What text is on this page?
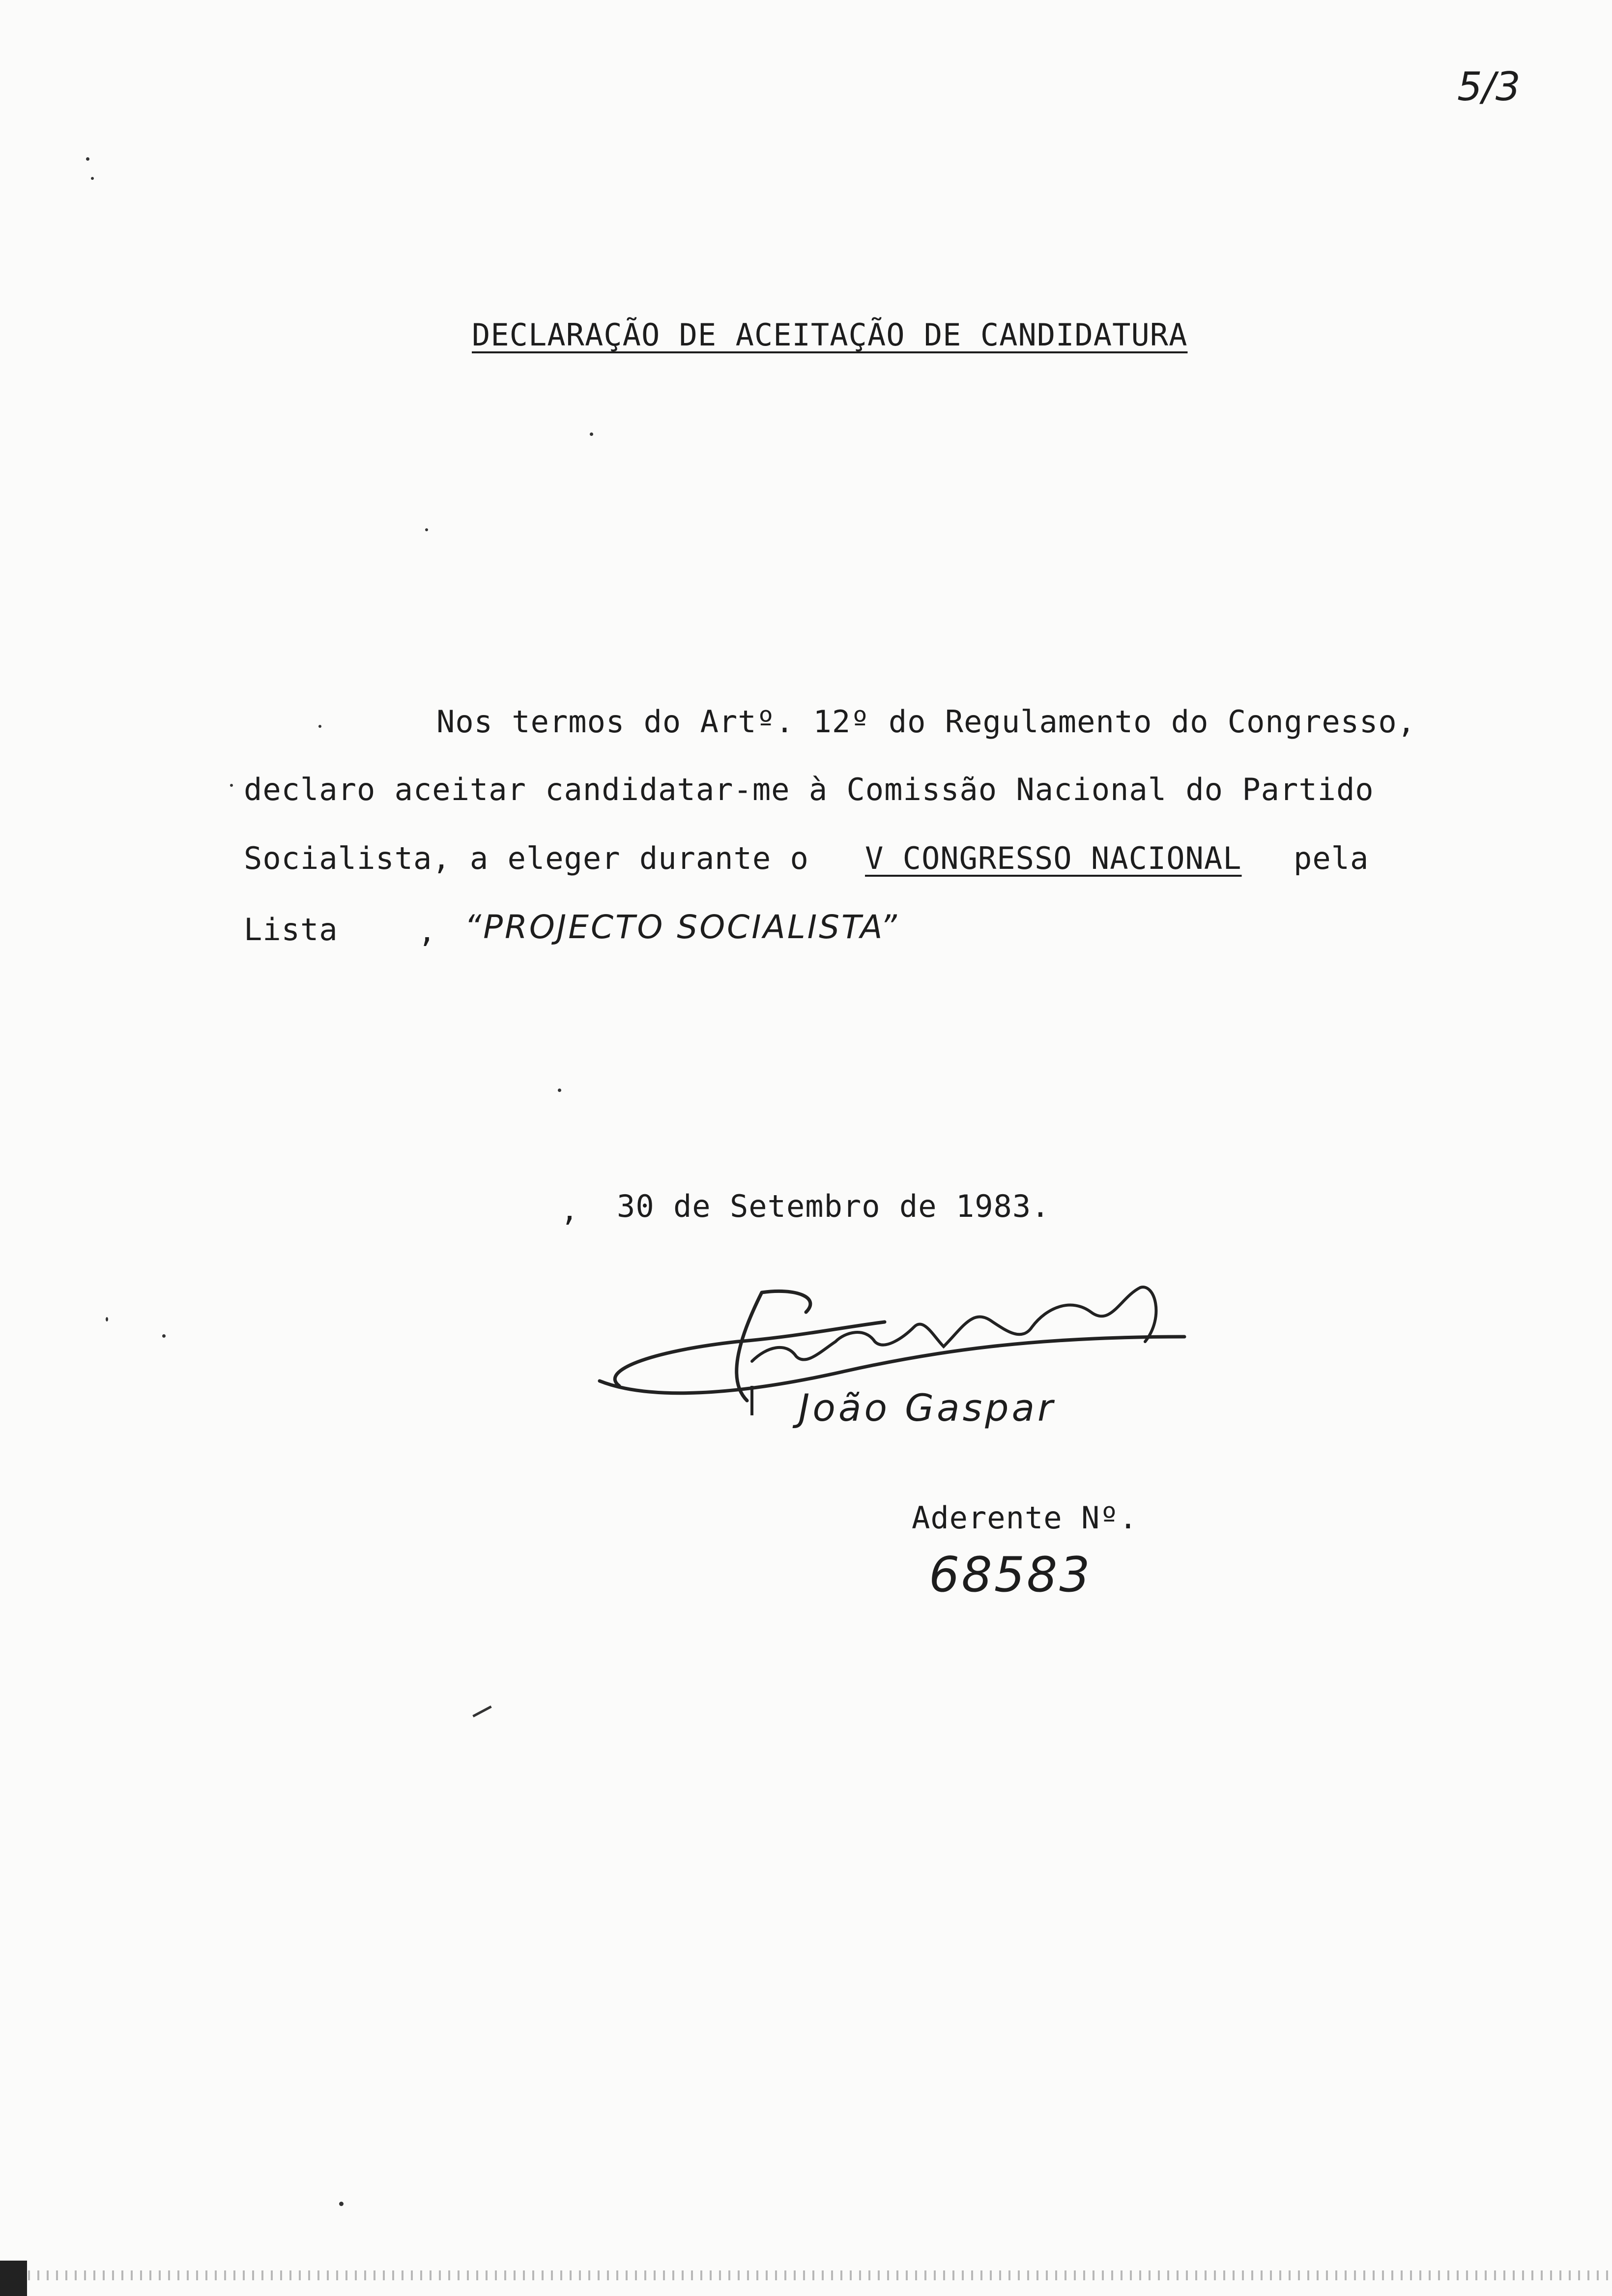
5/3
DECLARAÇÃO DE ACEITAÇÃO DE CANDIDATURA
Nos termos do Artº. 12º do Regulamento do Congresso,
declaro aceitar candidatar-me à Comissão Nacional do Partido
Socialista, a eleger durante o V CONGRESSO NACIONAL pela
Lista	, “PROJECTO SOCIALISTA”
, 30 de Setembro de 1983.
João Gaspar
Aderente Nº.
68583
